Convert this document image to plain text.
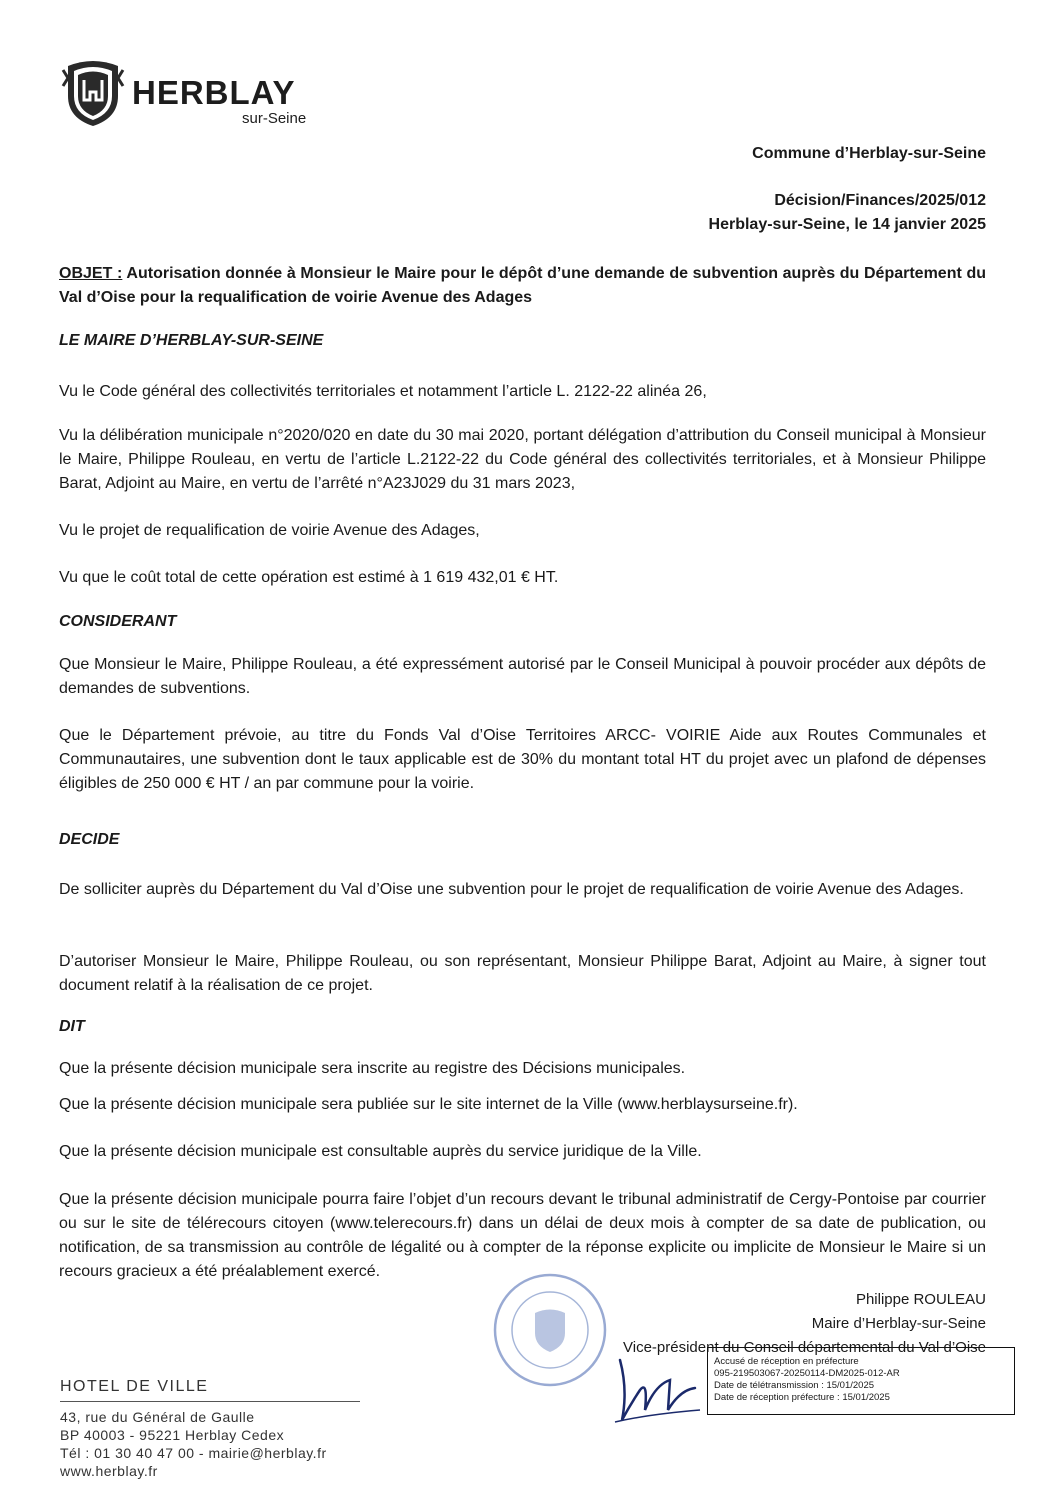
HERBLAY
sur-Seine
Commune d’Herblay-sur-Seine
Décision/Finances/2025/012
Herblay-sur-Seine, le 14 janvier 2025
OBJET : Autorisation donnée à Monsieur le Maire pour le dépôt d’une demande de subvention auprès du Département du Val d’Oise pour la requalification de voirie Avenue des Adages
LE MAIRE D’HERBLAY-SUR-SEINE
Vu le Code général des collectivités territoriales et notamment l’article L. 2122-22 alinéa 26,
Vu la délibération municipale n°2020/020 en date du 30 mai 2020, portant délégation d’attribution du Conseil municipal à Monsieur le Maire, Philippe Rouleau, en vertu de l’article L.2122-22 du Code général des collectivités territoriales, et à Monsieur Philippe Barat, Adjoint au Maire, en vertu de l’arrêté n°A23J029 du 31 mars 2023,
Vu le projet de requalification de voirie Avenue des Adages,
Vu que le coût total de cette opération est estimé à 1 619 432,01 € HT.
CONSIDERANT
Que Monsieur le Maire, Philippe Rouleau, a été expressément autorisé par le Conseil Municipal à pouvoir procéder aux dépôts de demandes de subventions.
Que le Département prévoie, au titre du Fonds Val d’Oise Territoires ARCC- VOIRIE Aide aux Routes Communales et Communautaires, une subvention dont le taux applicable est de 30% du montant total HT du projet avec un plafond de dépenses éligibles de 250 000 € HT / an par commune pour la voirie.
DECIDE
De solliciter auprès du Département du Val d’Oise une subvention pour le projet de requalification de voirie Avenue des Adages.
D’autoriser Monsieur le Maire, Philippe Rouleau, ou son représentant, Monsieur Philippe Barat, Adjoint au Maire, à signer tout document relatif à la réalisation de ce projet.
DIT
Que la présente décision municipale sera inscrite au registre des Décisions municipales.
Que la présente décision municipale sera publiée sur le site internet de la Ville (www.herblaysurseine.fr).
Que la présente décision municipale est consultable auprès du service juridique de la Ville.
Que la présente décision municipale pourra faire l’objet d’un recours devant le tribunal administratif de Cergy-Pontoise par courrier ou sur le site de télérecours citoyen (www.telerecours.fr) dans un délai de deux mois à compter de sa date de publication, ou notification, de sa transmission au contrôle de légalité ou à compter de la réponse explicite ou implicite de Monsieur le Maire si un recours gracieux a été préalablement exercé.
Philippe ROULEAU
Maire d’Herblay-sur-Seine
Vice-président du Conseil départemental du Val d’Oise
Accusé de réception en préfecture
095-219503067-20250114-DM2025-012-AR
Date de télétransmission : 15/01/2025
Date de réception préfecture : 15/01/2025
HOTEL DE VILLE
43, rue du Général de Gaulle
BP 40003 - 95221 Herblay Cedex
Tél : 01 30 40 47 00 - mairie@herblay.fr
www.herblay.fr
